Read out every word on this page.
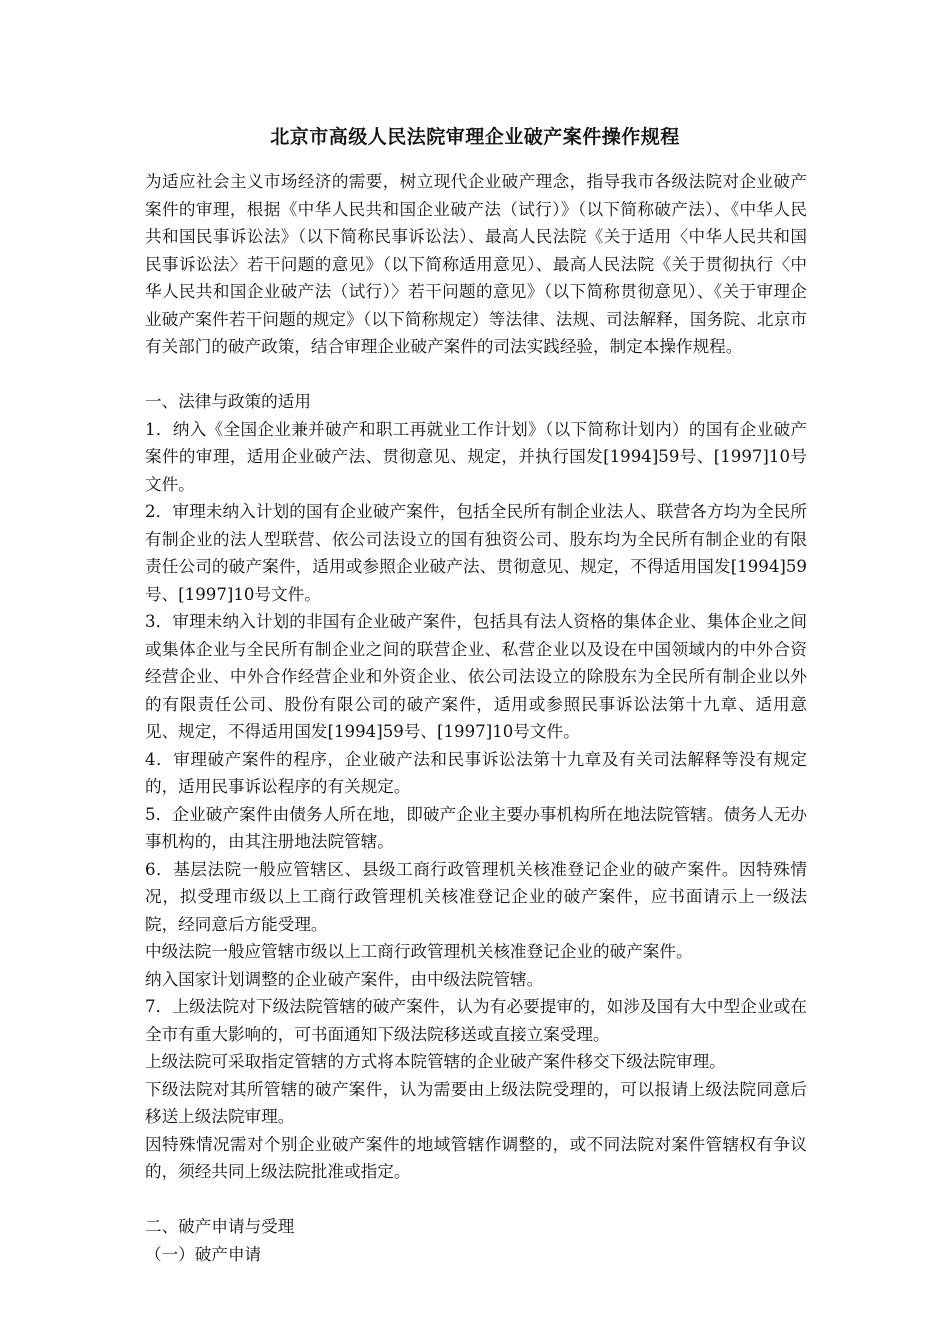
北京市高级人民法院审理企业破产案件操作规程

为适应社会主义市场经济的需要，树立现代企业破产理念，指导我市各级法院对企业破产案件的审理，根据《中华人民共和国企业破产法（试行）》（以下简称破产法）、《中华人民共和国民事诉讼法》（以下简称民事诉讼法）、最高人民法院《关于适用〈中华人民共和国民事诉讼法〉若干问题的意见》（以下简称适用意见）、最高人民法院《关于贯彻执行〈中华人民共和国企业破产法（试行）〉若干问题的意见》（以下简称贯彻意见）、《关于审理企业破产案件若干问题的规定》（以下简称规定）等法律、法规、司法解释，国务院、北京市有关部门的破产政策，结合审理企业破产案件的司法实践经验，制定本操作规程。

一、法律与政策的适用

1．纳入《全国企业兼并破产和职工再就业工作计划》（以下简称计划内）的国有企业破产案件的审理，适用企业破产法、贯彻意见、规定，并执行国发[1994]59号、[1997]10号文件。

2．审理未纳入计划的国有企业破产案件，包括全民所有制企业法人、联营各方均为全民所有制企业的法人型联营、依公司法设立的国有独资公司、股东均为全民所有制企业的有限责任公司的破产案件，适用或参照企业破产法、贯彻意见、规定，不得适用国发[1994]59号、[1997]10号文件。

3．审理未纳入计划的非国有企业破产案件，包括具有法人资格的集体企业、集体企业之间或集体企业与全民所有制企业之间的联营企业、私营企业以及设在中国领域内的中外合资经营企业、中外合作经营企业和外资企业、依公司法设立的除股东为全民所有制企业以外的有限责任公司、股份有限公司的破产案件，适用或参照民事诉讼法第十九章、适用意见、规定，不得适用国发[1994]59号、[1997]10号文件。

4．审理破产案件的程序，企业破产法和民事诉讼法第十九章及有关司法解释等没有规定的，适用民事诉讼程序的有关规定。

5．企业破产案件由债务人所在地，即破产企业主要办事机构所在地法院管辖。债务人无办事机构的，由其注册地法院管辖。

6．基层法院一般应管辖区、县级工商行政管理机关核准登记企业的破产案件。因特殊情况，拟受理市级以上工商行政管理机关核准登记企业的破产案件，应书面请示上一级法院，经同意后方能受理。

中级法院一般应管辖市级以上工商行政管理机关核准登记企业的破产案件。

纳入国家计划调整的企业破产案件，由中级法院管辖。

7．上级法院对下级法院管辖的破产案件，认为有必要提审的，如涉及国有大中型企业或在全市有重大影响的，可书面通知下级法院移送或直接立案受理。

上级法院可采取指定管辖的方式将本院管辖的企业破产案件移交下级法院审理。

下级法院对其所管辖的破产案件，认为需要由上级法院受理的，可以报请上级法院同意后移送上级法院审理。

因特殊情况需对个别企业破产案件的地域管辖作调整的，或不同法院对案件管辖权有争议的，须经共同上级法院批准或指定。

二、破产申请与受理

（一）破产申请
